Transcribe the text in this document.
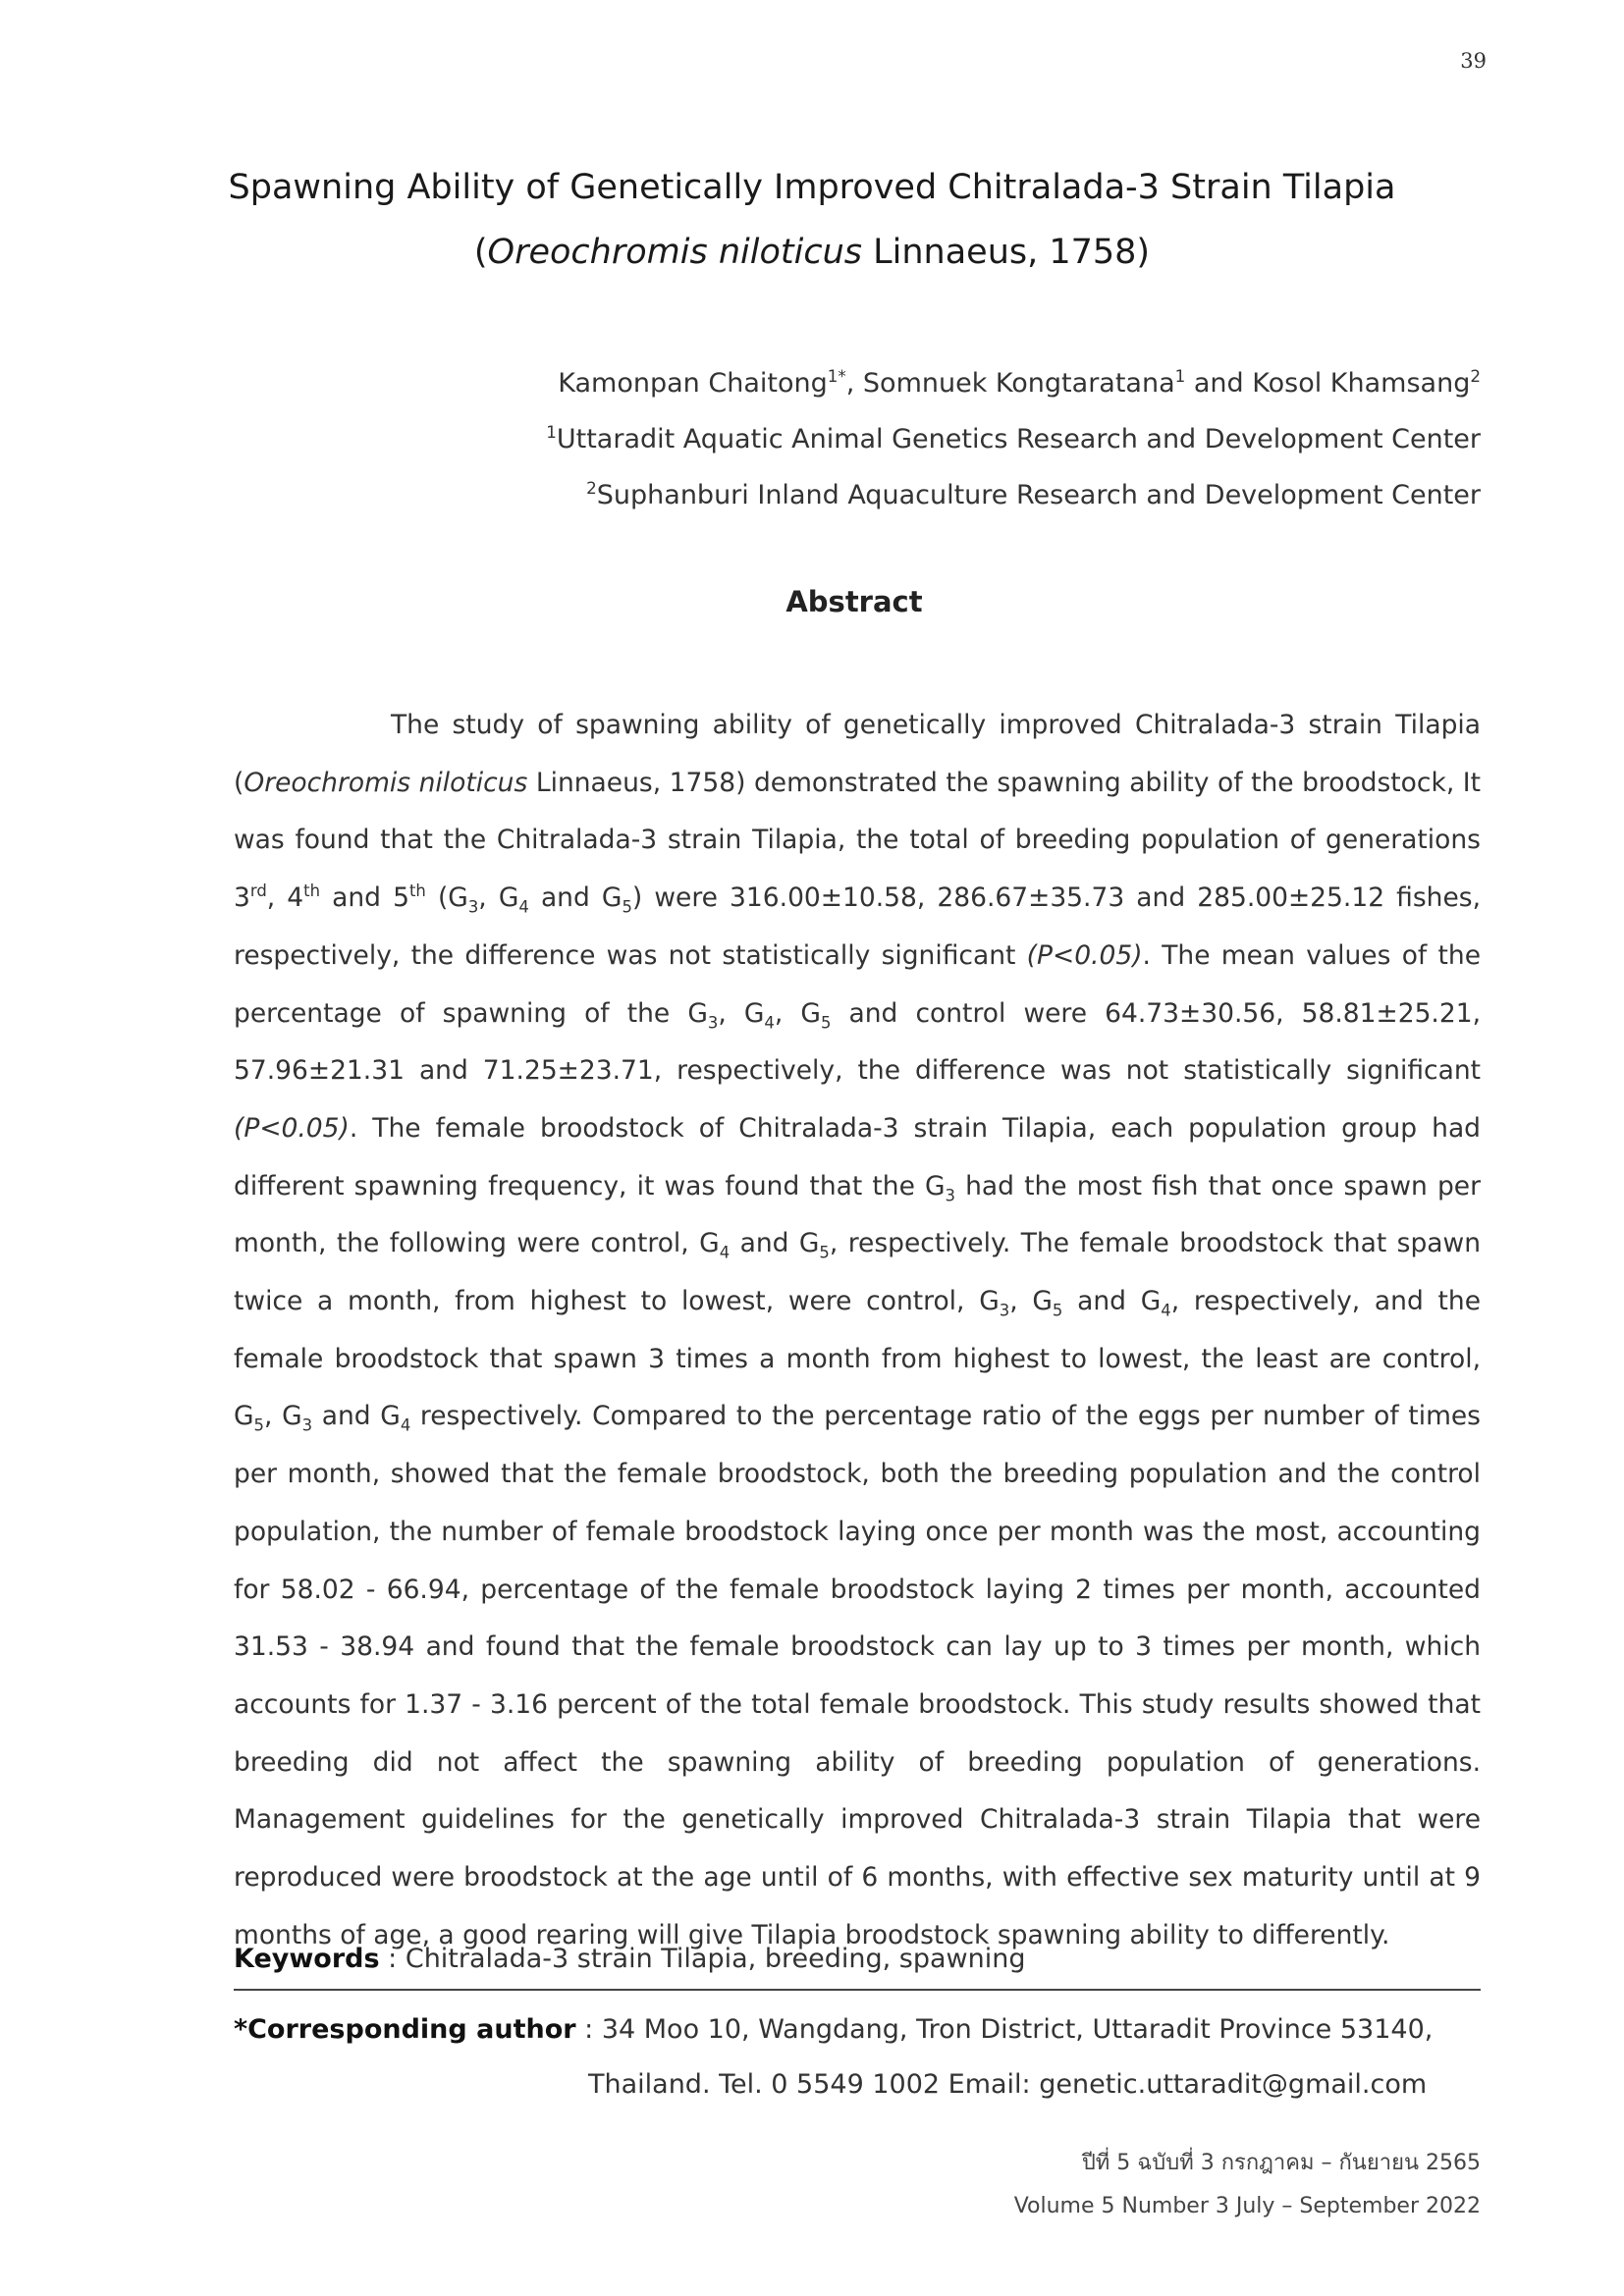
39
Spawning Ability of Genetically Improved Chitralada-3 Strain Tilapia
(Oreochromis niloticus Linnaeus, 1758)
Kamonpan Chaitong$^{1*}$, Somnuek Kongtaratana$^1$ and Kosol Khamsang$^2$
$^1$Uttaradit Aquatic Animal Genetics Research and Development Center
$^2$Suphanburi Inland Aquaculture Research and Development Center
Abstract

The study of spawning ability of genetically improved Chitralada-3 strain Tilapia (Oreochromis niloticus Linnaeus, 1758) demonstrated the spawning ability of the broodstock, It was found that the Chitralada-3 strain Tilapia, the total of breeding population of generations 3rd, 4th and 5th ($G_3$, $G_4$ and $G_5$) were 316.00±10.58, 286.67±35.73 and 285.00±25.12 fishes, respectively, the difference was not statistically significant (P<0.05). The mean values of the percentage of spawning of the $G_3$, $G_4$, $G_5$ and control were 64.73±30.56, 58.81±25.21, 57.96±21.31 and 71.25±23.71, respectively, the difference was not statistically significant (P<0.05). The female broodstock of Chitralada-3 strain Tilapia, each population group had different spawning frequency, it was found that the $G_3$ had the most fish that once spawn per month, the following were control, $G_4$ and $G_5$, respectively. The female broodstock that spawn twice a month, from highest to lowest, were control, $G_3$, $G_5$ and $G_4$, respectively, and the female broodstock that spawn 3 times a month from highest to lowest, the least are control, $G_5$, $G_3$ and $G_4$ respectively. Compared to the percentage ratio of the eggs per number of times per month, showed that the female broodstock, both the breeding population and the control population, the number of female broodstock laying once per month was the most, accounting for 58.02 - 66.94, percentage of the female broodstock laying 2 times per month, accounted 31.53 - 38.94 and found that the female broodstock can lay up to 3 times per month, which accounts for 1.37 - 3.16 percent of the total female broodstock. This study results showed that breeding did not affect the spawning ability of breeding population of generations. Management guidelines for the genetically improved Chitralada-3 strain Tilapia that were reproduced were broodstock at the age until of 6 months, with effective sex maturity until at 9 months of age, a good rearing will give Tilapia broodstock spawning ability to differently.

Keywords : Chitralada-3 strain Tilapia, breeding, spawning
*Corresponding author : 34 Moo 10, Wangdang, Tron District, Uttaradit Province 53140,
Thailand. Tel. 0 5549 1002 Email: genetic.uttaradit@gmail.com
ปีที่ 5 ฉบับที่ 3 กรกฎาคม – กันยายน 2565
Volume 5 Number 3 July – September 2022
